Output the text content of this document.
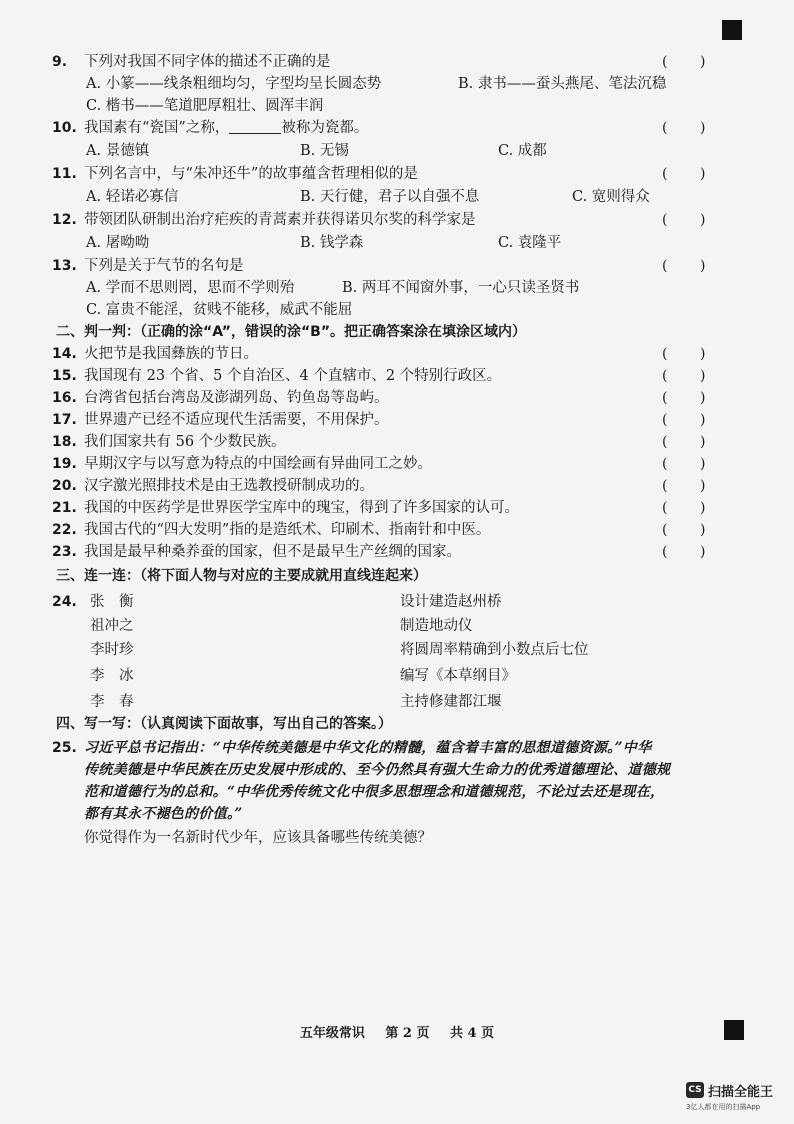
9. 下列对我国不同字体的描述不正确的是	( )
A. 小篆——线条粗细均匀，字型均呈长圆态势	B. 隶书——蚕头燕尾、笔法沉稳
C. 楷书——笔道肥厚粗壮、圆浑丰润
10. 我国素有“瓷国”之称，	被称为瓷都。	( )
A. 景德镇	B. 无锡	C. 成都
11. 下列名言中，与“朱冲还牛”的故事蕴含哲理相似的是	( )
A. 轻诺必寡信	B. 天行健，君子以自强不息	C. 宽则得众
12. 带领团队研制出治疗疟疾的青蒿素并获得诺贝尔奖的科学家是	( )
A. 屠呦呦	B. 钱学森	C. 袁隆平
13. 下列是关于气节的名句是	( )
A. 学而不思则罔，思而不学则殆	B. 两耳不闻窗外事，一心只读圣贤书
C. 富贵不能淫，贫贱不能移，威武不能屈
二、判一判：（正确的涂“A”，错误的涂“B”。把正确答案涂在填涂区域内）
14. 火把节是我国彝族的节日。	( )
15. 我国现有 23 个省、5 个自治区、4 个直辖市、2 个特别行政区。	( )
16. 台湾省包括台湾岛及澎湖列岛、钓鱼岛等岛屿。	( )
17. 世界遗产已经不适应现代生活需要，不用保护。	( )
18. 我们国家共有 56 个少数民族。	( )
19. 早期汉字与以写意为特点的中国绘画有异曲同工之妙。	( )
20. 汉字激光照排技术是由王选教授研制成功的。	( )
21. 我国的中医药学是世界医学宝库中的瑰宝，得到了许多国家的认可。	( )
22. 我国古代的“四大发明”指的是造纸术、印刷术、指南针和中医。	( )
23. 我国是最早种桑养蚕的国家，但不是最早生产丝绸的国家。	( )
三、连一连：（将下面人物与对应的主要成就用直线连起来）
24. 张　衡	设计建造赵州桥
祖冲之	制造地动仪
李时珍	将圆周率精确到小数点后七位
李　冰	编写《本草纲目》
李　春	主持修建都江堰
四、写一写：（认真阅读下面故事，写出自己的答案。）
25. 习近平总书记指出：“中华传统美德是中华文化的精髓，蕴含着丰富的思想道德资源。”中华
传统美德是中华民族在历史发展中形成的、至今仍然具有强大生命力的优秀道德理论、道德规
范和道德行为的总和。“中华优秀传统文化中很多思想理念和道德规范，不论过去还是现在，
都有其永不褪色的价值。”
你觉得作为一名新时代少年，应该具备哪些传统美德？
五年级常识 第 2 页 共 4 页
CS 扫描全能王
3亿人都在用的扫描App
